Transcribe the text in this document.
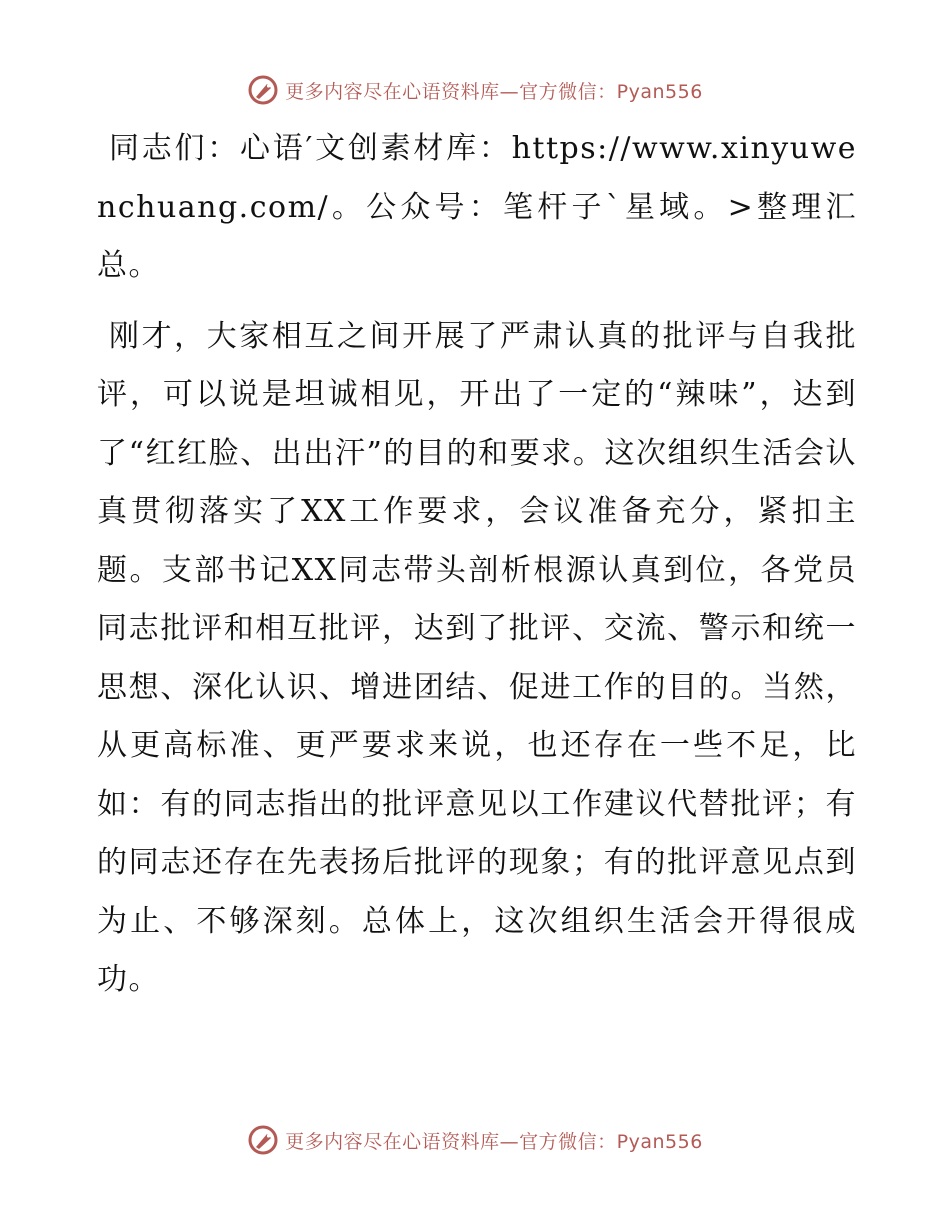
更多内容尽在心语资料库—官方微信：Pyan556

同志们：心语′文创素材库：https://www.xinyuwenchuang.com/。公众号：笔杆子`星域。>整理汇总。

刚才，大家相互之间开展了严肃认真的批评与自我批评，可以说是坦诚相见，开出了一定的“辣味”，达到了“红红脸、出出汗”的目的和要求。这次组织生活会认真贯彻落实了XX工作要求，会议准备充分，紧扣主题。支部书记XX同志带头剖析根源认真到位，各党员同志批评和相互批评，达到了批评、交流、警示和统一思想、深化认识、增进团结、促进工作的目的。当然，从更高标准、更严要求来说，也还存在一些不足，比如：有的同志指出的批评意见以工作建议代替批评；有的同志还存在先表扬后批评的现象；有的批评意见点到为止、不够深刻。总体上，这次组织生活会开得很成功。

更多内容尽在心语资料库—官方微信：Pyan556
